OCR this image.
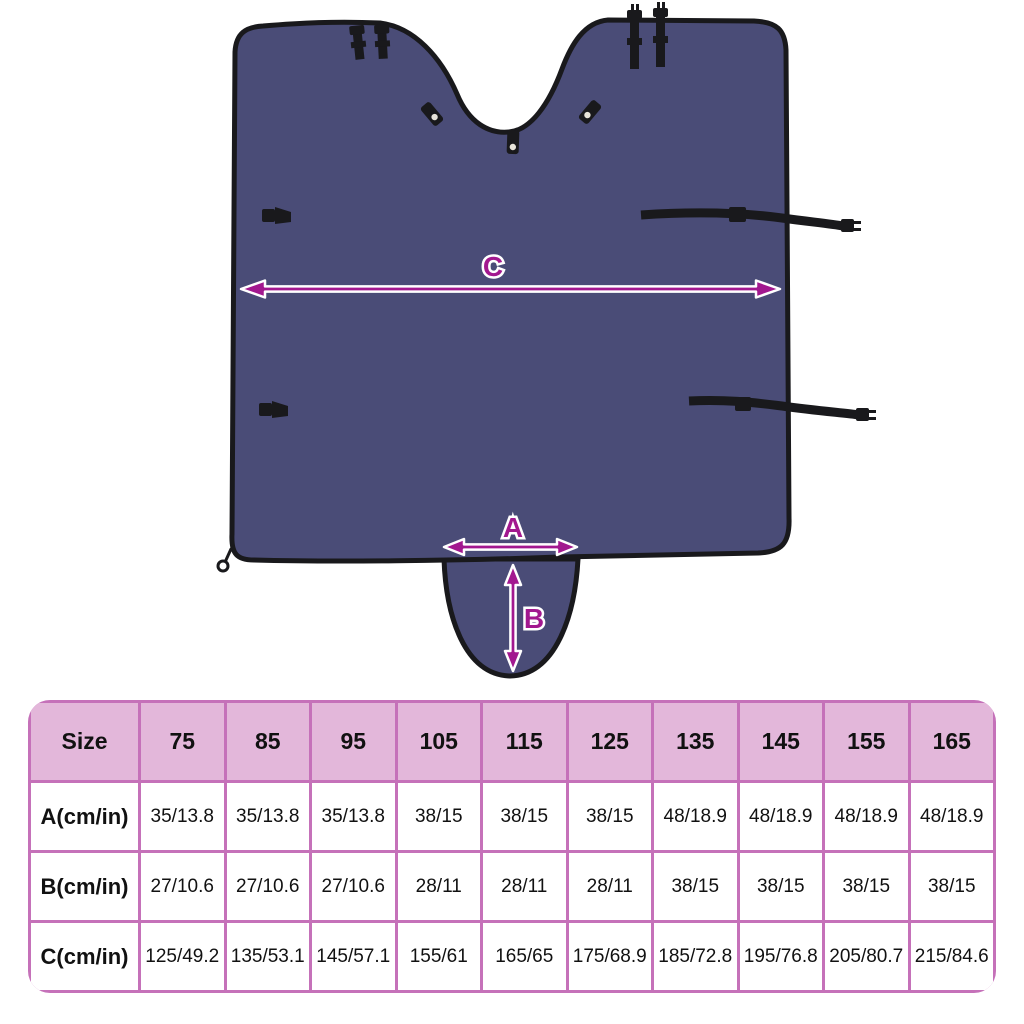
C
A
B
Size	75	85	95	105	115	125	135	145	155	165
A(cm/in)	35/13.8	35/13.8	35/13.8	38/15	38/15	38/15	48/18.9	48/18.9	48/18.9	48/18.9
B(cm/in)	27/10.6	27/10.6	27/10.6	28/11	28/11	28/11	38/15	38/15	38/15	38/15
C(cm/in) 125/49.2 135/53.1 145/57.1	155/61	165/65	175/68.9 185/72.8 195/76.8 205/80.7 215/84.6
